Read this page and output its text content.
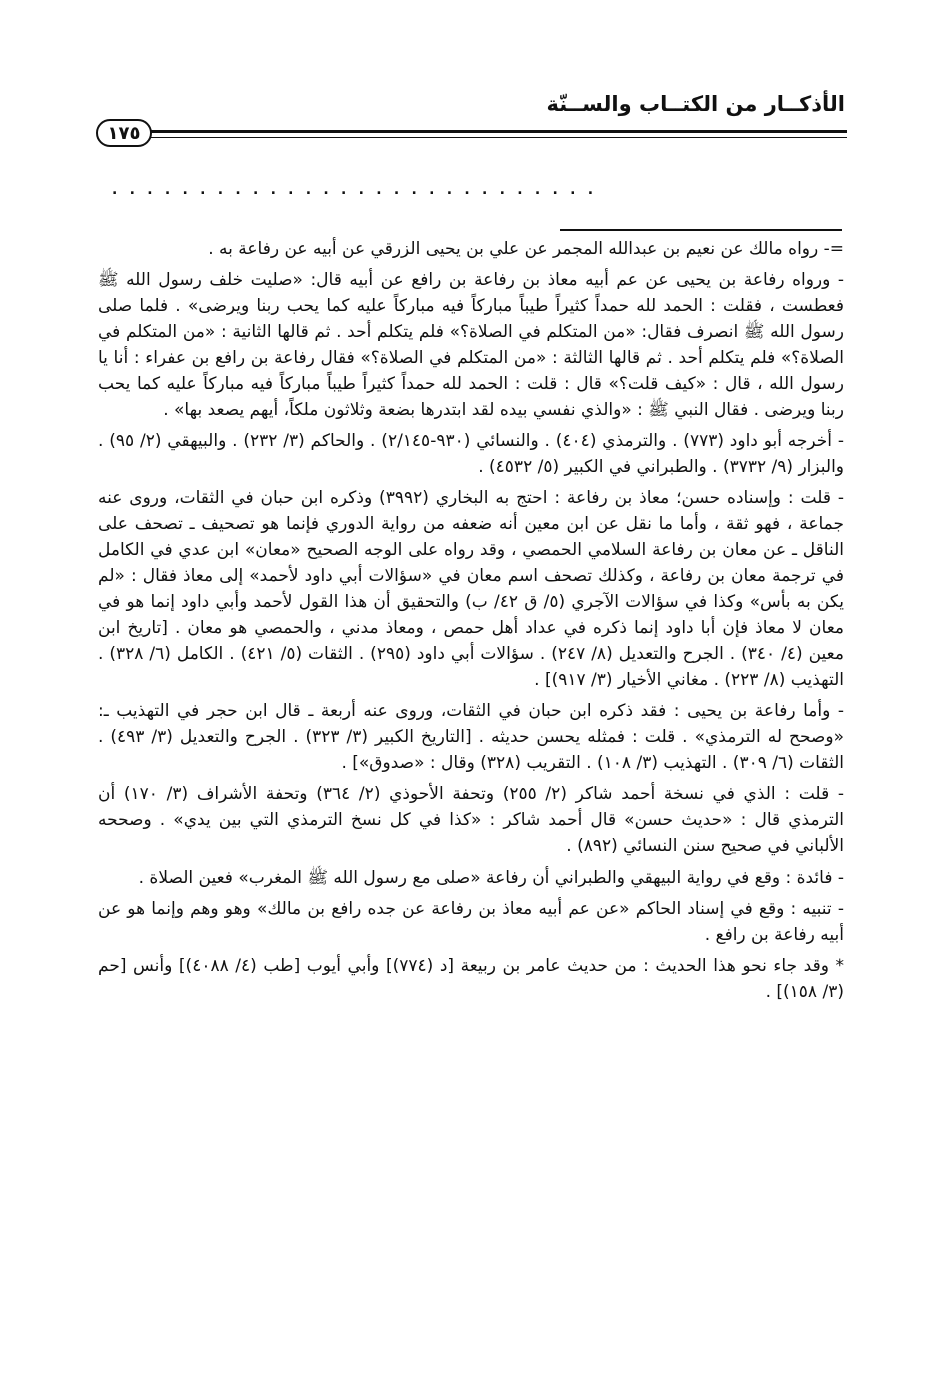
الأذكــار من الكتــاب والســنّة
١٧٥
............................

=- رواه مالك عن نعيم بن عبدالله المجمر عن علي بن يحيى الزرقي عن أبيه عن رفاعة به .

- ورواه رفاعة بن يحيى عن عم أبيه معاذ بن رفاعة بن رافع عن أبيه قال: «صليت خلف رسول الله ﷺ فعطست ، فقلت : الحمد لله حمداً كثيراً طيباً مباركاً فيه مباركاً عليه كما يحب ربنا ويرضى» . فلما صلى رسول الله ﷺ انصرف فقال: «من المتكلم في الصلاة؟» فلم يتكلم أحد . ثم قالها الثانية : «من المتكلم في الصلاة؟» فلم يتكلم أحد . ثم قالها الثالثة : «من المتكلم في الصلاة؟» فقال رفاعة بن رافع بن عفراء : أنا يا رسول الله ، قال : «كيف قلت؟» قال : قلت : الحمد لله حمداً كثيراً طيباً مباركاً فيه مباركاً عليه كما يحب ربنا ويرضى . فقال النبي ﷺ : «والذي نفسي بيده لقد ابتدرها بضعة وثلاثون ملكاً، أيهم يصعد بها» .

- أخرجه أبو داود (٧٧٣) . والترمذي (٤٠٤) . والنسائي (٩٣٠-٢/١٤٥) . والحاكم (٣/ ٢٣٢) . والبيهقي (٢/ ٩٥) . والبزار (٩/ ٣٧٣٢) . والطبراني في الكبير (٥/ ٤٥٣٢) .

- قلت : وإسناده حسن؛ معاذ بن رفاعة : احتج به البخاري (٣٩٩٢) وذكره ابن حبان في الثقات، وروى عنه جماعة ، فهو ثقة ، وأما ما نقل عن ابن معين أنه ضعفه من رواية الدوري فإنما هو تصحيف ـ تصحف على الناقل ـ عن معان بن رفاعة السلامي الحمصي ، وقد رواه على الوجه الصحيح «معان» ابن عدي في الكامل في ترجمة معان بن رفاعة ، وكذلك تصحف اسم معان في «سؤالات أبي داود لأحمد» إلى معاذ فقال : «لم يكن به بأس» وكذا في سؤالات الآجري (٥/ ق ٤٢/ ب) والتحقيق أن هذا القول لأحمد وأبي داود إنما هو في معان لا معاذ فإن أبا داود إنما ذكره في عداد أهل حمص ، ومعاذ مدني ، والحمصي هو معان . [تاريخ ابن معين (٤/ ٣٤٠) . الجرح والتعديل (٨/ ٢٤٧) . سؤالات أبي داود (٢٩٥) . الثقات (٥/ ٤٢١) . الكامل (٦/ ٣٢٨) . التهذيب (٨/ ٢٢٣) . مغاني الأخيار (٣/ ٩١٧)] .

- وأما رفاعة بن يحيى : فقد ذكره ابن حبان في الثقات، وروى عنه أربعة ـ قال ابن حجر في التهذيب ـ: «وصحح له الترمذي» . قلت : فمثله يحسن حديثه . [التاريخ الكبير (٣/ ٣٢٣) . الجرح والتعديل (٣/ ٤٩٣) . الثقات (٦/ ٣٠٩) . التهذيب (٣/ ١٠٨) . التقريب (٣٢٨) وقال : «صدوق»] .

- قلت : الذي في نسخة أحمد شاكر (٢/ ٢٥٥) وتحفة الأحوذي (٢/ ٣٦٤) وتحفة الأشراف (٣/ ١٧٠) أن الترمذي قال : «حديث حسن» قال أحمد شاكر : «كذا في كل نسخ الترمذي التي بين يدي» . وصححه الألباني في صحيح سنن النسائي (٨٩٢) .

- فائدة : وقع في رواية البيهقي والطبراني أن رفاعة «صلى مع رسول الله ﷺ المغرب» فعين الصلاة .

- تنبيه : وقع في إسناد الحاكم «عن عم أبيه معاذ بن رفاعة عن جده رافع بن مالك» وهو وهم وإنما هو عن أبيه رفاعة بن رافع .

* وقد جاء نحو هذا الحديث : من حديث عامر بن ربيعة [د (٧٧٤)] وأبي أيوب [طب (٤/ ٤٠٨٨)] وأنس [حم (٣/ ١٥٨)] .
